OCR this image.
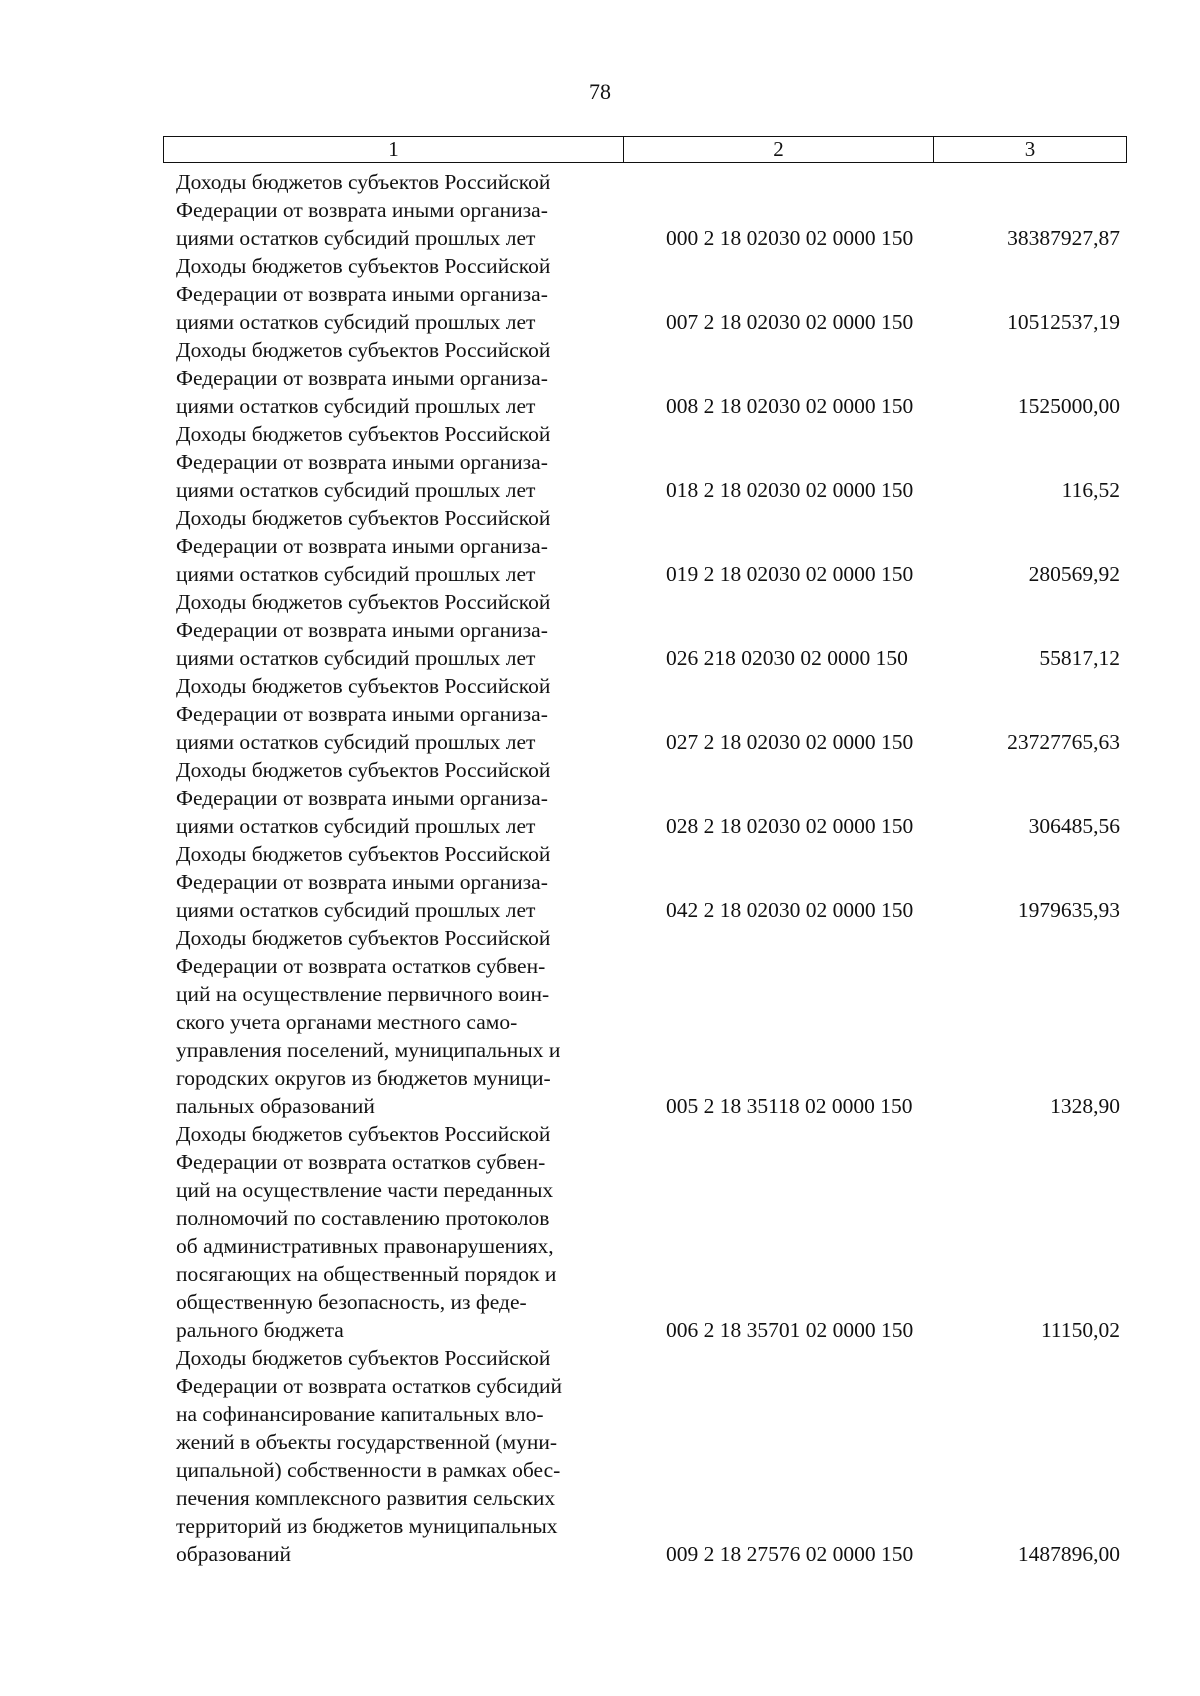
78
1	2	3
Доходы бюджетов субъектов Российской
Федерации от возврата иными организа-
циями остатков субсидий прошлых лет	000 2 18 02030 02 0000 150	38387927,87
Доходы бюджетов субъектов Российской
Федерации от возврата иными организа-
циями остатков субсидий прошлых лет	007 2 18 02030 02 0000 150	10512537,19
Доходы бюджетов субъектов Российской
Федерации от возврата иными организа-
циями остатков субсидий прошлых лет	008 2 18 02030 02 0000 150	1525000,00
Доходы бюджетов субъектов Российской
Федерации от возврата иными организа-
циями остатков субсидий прошлых лет	018 2 18 02030 02 0000 150	116,52
Доходы бюджетов субъектов Российской
Федерации от возврата иными организа-
циями остатков субсидий прошлых лет	019 2 18 02030 02 0000 150	280569,92
Доходы бюджетов субъектов Российской
Федерации от возврата иными организа-
циями остатков субсидий прошлых лет	026 218 02030 02 0000 150	55817,12
Доходы бюджетов субъектов Российской
Федерации от возврата иными организа-
циями остатков субсидий прошлых лет	027 2 18 02030 02 0000 150	23727765,63
Доходы бюджетов субъектов Российской
Федерации от возврата иными организа-
циями остатков субсидий прошлых лет	028 2 18 02030 02 0000 150	306485,56
Доходы бюджетов субъектов Российской
Федерации от возврата иными организа-
циями остатков субсидий прошлых лет	042 2 18 02030 02 0000 150	1979635,93
Доходы бюджетов субъектов Российской
Федерации от возврата остатков субвен-
ций на осуществление первичного воин-
ского учета органами местного само-
управления поселений, муниципальных и
городских округов из бюджетов муници-
пальных образований	005 2 18 35118 02 0000 150	1328,90
Доходы бюджетов субъектов Российской
Федерации от возврата остатков субвен-
ций на осуществление части переданных
полномочий по составлению протоколов
об административных правонарушениях,
посягающих на общественный порядок и
общественную безопасность, из феде-
рального бюджета	006 2 18 35701 02 0000 150	11150,02
Доходы бюджетов субъектов Российской
Федерации от возврата остатков субсидий
на софинансирование капитальных вло-
жений в объекты государственной (муни-
ципальной) собственности в рамках обес-
печения комплексного развития сельских
территорий из бюджетов муниципальных
образований	009 2 18 27576 02 0000 150	1487896,00
